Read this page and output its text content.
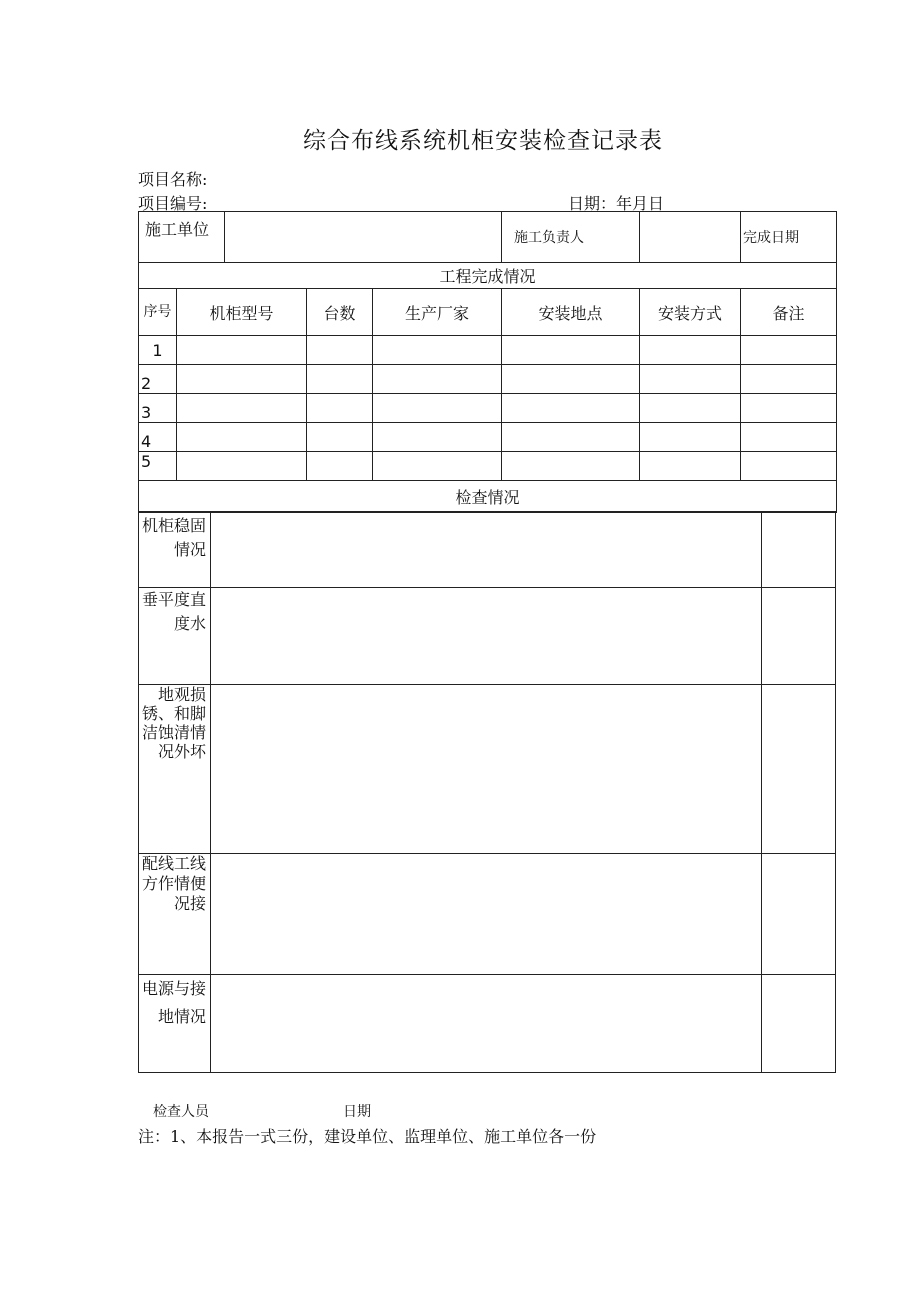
综合布线系统机柜安装检查记录表
项目名称:
项目编号:	日期：年月日
施工单位					施工负责人		完成日期
工程完成情况							
序号	机柜型号		台数	生产厂家	安装地点	安装方式	备注
1							
2							
3							
4							
5							
检查情况							
机柜稳固情况		
垂平度直度水		
地观损锈、和脚洁蚀清情况外坏		
配线工线方作情便况接		
电源与接地情况		
检查人员	日期
注：1、本报告一式三份，建设单位、监理单位、施工单位各一份
